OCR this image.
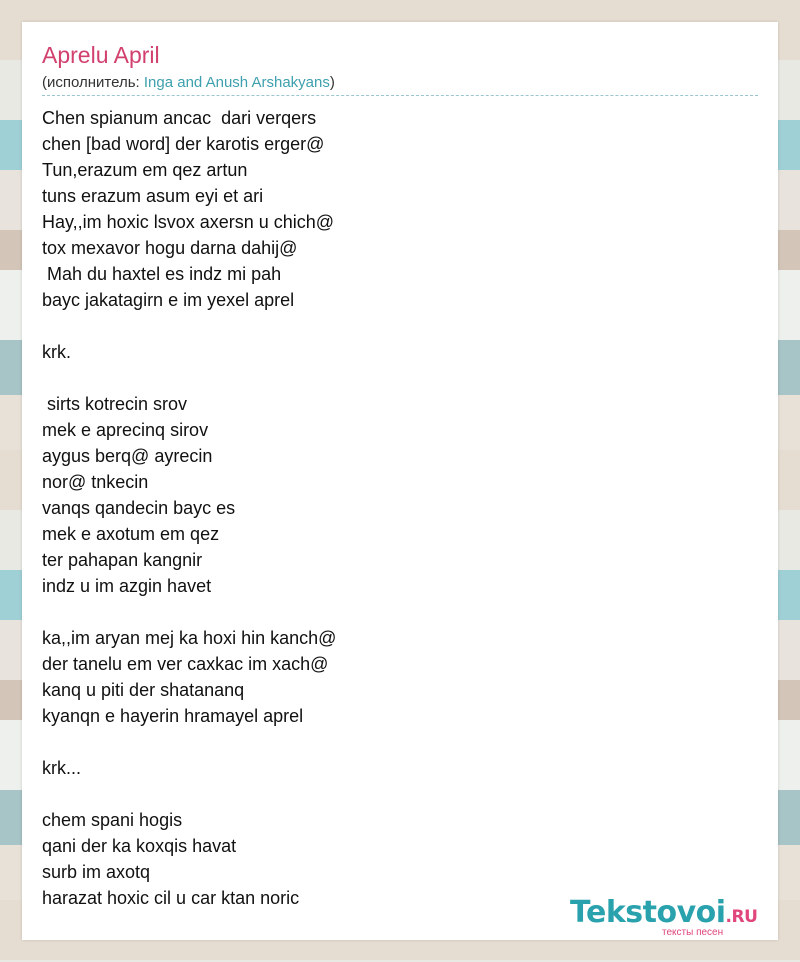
Aprelu April
(исполнитель: Inga and Anush Arshakyans)
Chen spianum ancac  dari verqers
chen [bad word] der karotis erger@
Tun,erazum em qez artun
tuns erazum asum eyi et ari
Hay,,im hoxic lsvox axersn u chich@
tox mexavor hogu darna dahij@
Mah du haxtel es indz mi pah
bayc jakatagirn e im yexel aprel
krk.
sirts kotrecin srov
mek e aprecinq sirov
aygus berq@ ayrecin
nor@ tnkecin
vanqs qandecin bayc es
mek e axotum em qez
ter pahapan kangnir
indz u im azgin havet
ka,,im aryan mej ka hoxi hin kanch@
der tanelu em ver caxkac im xach@
kanq u piti der shatananq
kyanqn e hayerin hramayel aprel
krk...
chem spani hogis
qani der ka koxqis havat
surb im axotq
harazat hoxic cil u car ktan noric	Tekstovoi.RU
тексты песен
